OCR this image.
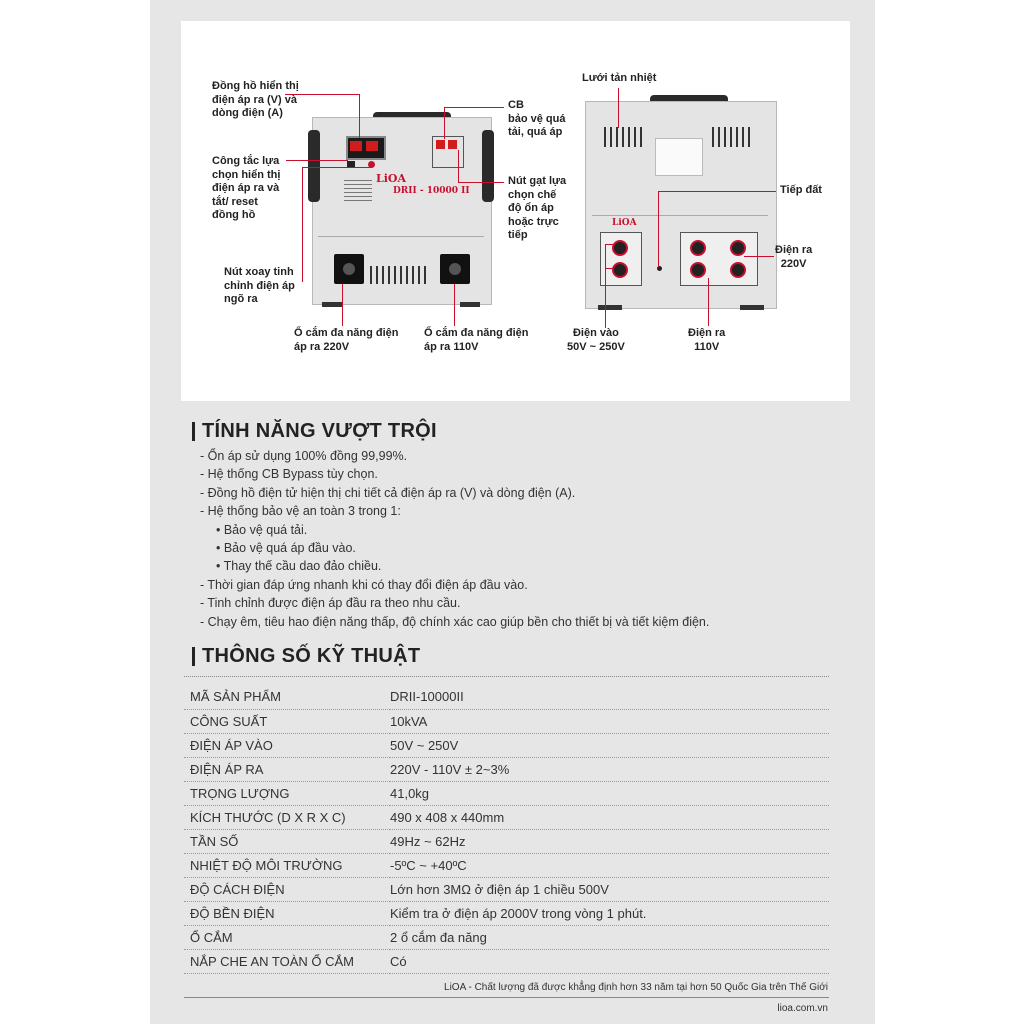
LiOA
DRII - 10000 II
LiOA
Đồng hồ hiển thị
điện áp ra (V) và
dòng điện (A)
Công tắc lựa
chọn hiển thị
điện áp ra và
tắt/ reset
đồng hồ
Nút xoay tinh
chỉnh điện áp
ngõ ra
Ổ cắm đa năng điện
áp ra 220V
Ổ cắm đa năng điện
áp ra 110V
CB
bảo vệ quá
tải, quá áp
Nút gạt lựa
chọn chế
độ ổn áp
hoặc trực
tiếp
Lưới tản nhiệt
Tiếp đất
Điện ra
220V
Điện vào
50V ~ 250V
Điện ra
110V
TÍNH NĂNG VƯỢT TRỘI
- Ổn áp sử dụng 100% đồng 99,99%.
- Hệ thống CB Bypass tùy chọn.
- Đồng hồ điện tử hiện thị chi tiết cả điện áp ra (V) và dòng điện (A).
- Hệ thống bảo vệ an toàn 3 trong 1:
• Bảo vệ quá tải.
• Bảo vệ quá áp đầu vào.
• Thay thế cầu dao đảo chiều.
- Thời gian đáp ứng nhanh khi có thay đổi điện áp đầu vào.
- Tinh chỉnh được điện áp đầu ra theo nhu cầu.
- Chạy êm, tiêu hao điện năng thấp, độ chính xác cao giúp bền cho thiết bị và tiết kiệm điện.
THÔNG SỐ KỸ THUẬT
MÃ SẢN PHẨM	DRII-10000II
CÔNG SUẤT	10kVA
ĐIỆN ÁP VÀO	50V ~ 250V
ĐIỆN ÁP RA	220V - 110V ± 2~3%
TRỌNG LƯỢNG	41,0kg
KÍCH THƯỚC (D X R X C)	490 x 408 x 440mm
TẦN SỐ	49Hz ~ 62Hz
NHIỆT ĐỘ MÔI TRƯỜNG	-5ºC ~ +40ºC
ĐỘ CÁCH ĐIỆN	Lớn hơn 3MΩ ở điện áp 1 chiều 500V
ĐỘ BỀN ĐIỆN	Kiểm tra ở điện áp 2000V trong vòng 1 phút.
Ổ CẮM	2 ổ cắm đa năng
NẮP CHE AN TOÀN Ổ CẮM	Có
LiOA - Chất lượng đã được khẳng định hơn 33 năm tại hơn 50 Quốc Gia trên Thế Giới
lioa.com.vn
